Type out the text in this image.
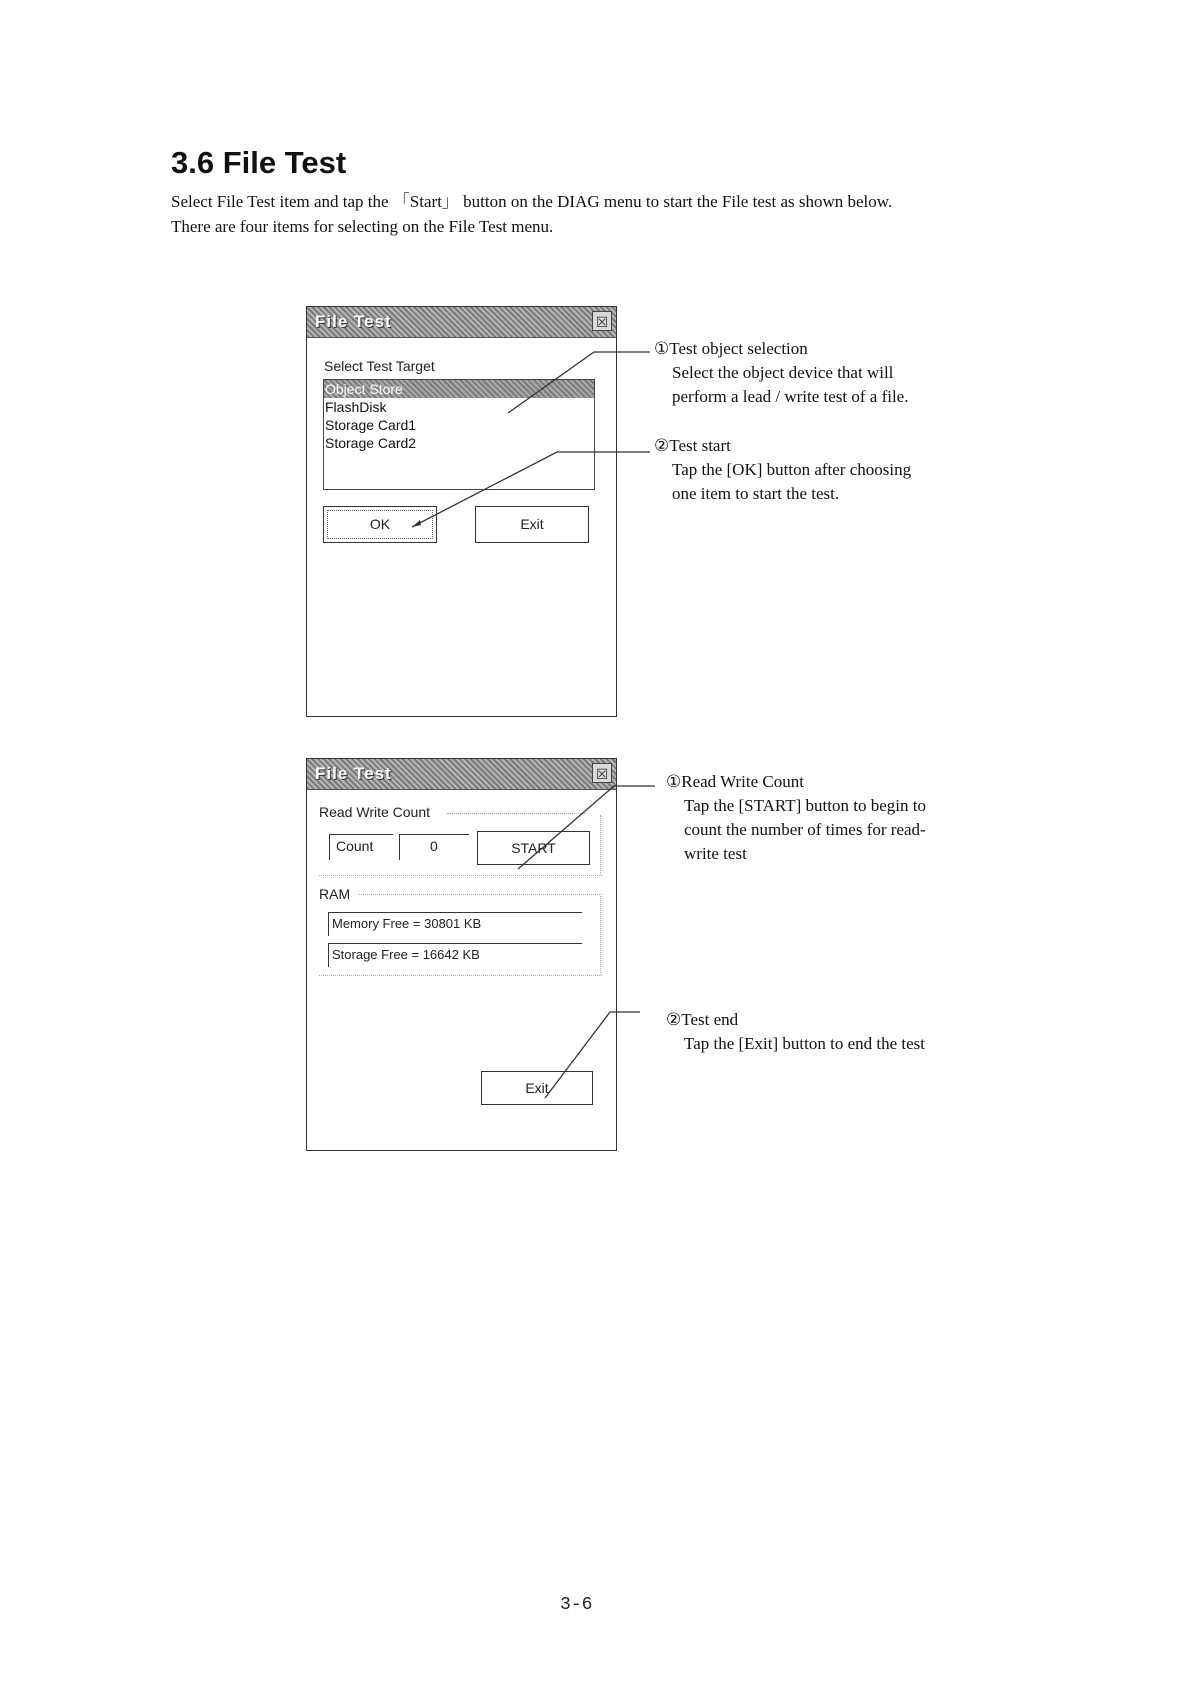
3.6 File Test
Select File Test item and tap the 「Start」 button on the DIAG menu to start the File test as shown below.
There are four items for selecting on the File Test menu.
File Test	☒
Select Test Target
Object Store
FlashDisk
Storage Card1
Storage Card2
OK	Exit
File Test	☒
Read Write Count
Count	0	START
RAM
Memory Free = 30801 KB
Storage Free = 16642 KB
Exit
①Test object selection
Select the object device that will
perform a lead / write test of a file.
②Test start
Tap the [OK] button after choosing
one item to start the test.
①Read Write Count
Tap the [START] button to begin to
count the number of times for read-
write test
②Test end
Tap the [Exit] button to end the test
3-6
